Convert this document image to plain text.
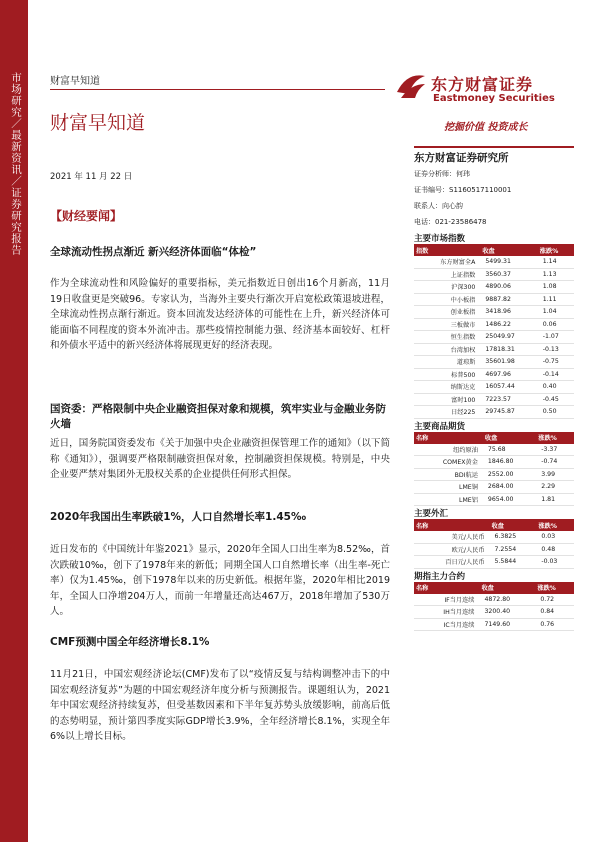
市场研究／最新资讯／证券研究报告	财富早知道
财富早知道
东方财富证券
Eastmoney Securities
挖掘价值 投资成长
2021 年 11 月 22 日
【财经要闻】
全球流动性拐点渐近 新兴经济体面临“体检”

作为全球流动性和风险偏好的重要指标，美元指数近日创出16个月新高，11月19日收盘更是突破96。专家认为，当海外主要央行渐次开启宽松政策退坡进程，全球流动性拐点渐行渐近。资本回流发达经济体的可能性在上升，新兴经济体可能面临不同程度的资本外流冲击。那些疫情控制能力强、经济基本面较好、杠杆和外债水平适中的新兴经济体将展现更好的经济表现。

国资委：严格限制中央企业融资担保对象和规模，筑牢实业与金融业务防火墙

近日，国务院国资委发布《关于加强中央企业融资担保管理工作的通知》（以下简称《通知》），强调要严格限制融资担保对象，控制融资担保规模。特别是，中央企业要严禁对集团外无股权关系的企业提供任何形式担保。

2020年我国出生率跌破1%，人口自然增长率1.45‰

近日发布的《中国统计年鉴2021》显示，2020年全国人口出生率为8.52‰，首次跌破10‰，创下了1978年来的新低；同期全国人口自然增长率（出生率-死亡率）仅为1.45‰，创下1978年以来的历史新低。根据年鉴，2020年相比2019年，全国人口净增204万人，而前一年增量还高达467万，2018年增加了530万人。

CMF预测中国全年经济增长8.1%

11月21日，中国宏观经济论坛(CMF)发布了以“疫情反复与结构调整冲击下的中国宏观经济复苏”为题的中国宏观经济年度分析与预测报告。课题组认为，2021年中国宏观经济持续复苏，但受基数因素和下半年复苏势头放缓影响，前高后低的态势明显，预计第四季度实际GDP增长3.9%，全年经济增长8.1%，实现全年6%以上增长目标。

东方财富证券研究所
证券分析师：何玮
证书编号：S1160517110001
联系人：向心韵
电话：021-23586478
主要市场指数
指数	收盘	涨跌%
东方财富全A	5499.31	1.14
上证指数	3560.37	1.13
沪深300	4890.06	1.08
中小板指	9887.82	1.11
创业板指	3418.96	1.04
三板做市	1486.22	0.06
恒生指数	25049.97	-1.07
台湾加权	17818.31	-0.13
道琼斯	35601.98	-0.75
标普500	4697.96	-0.14
纳斯达克	16057.44	0.40
富时100	7223.57	-0.45
日经225	29745.87	0.50
主要商品期货
名称	收盘	涨跌%
纽约原油	75.68	-3.37
COMEX黄金	1846.80	-0.74
BDI航运	2552.00	3.99
LME铜	2684.00	2.29
LME铝	9654.00	1.81
主要外汇
名称	收盘	涨跌%
美元/人民币	6.3825	0.03
欧元/人民币	7.2554	0.48
百日元/人民币	5.5844	-0.03
期指主力合约
名称	收盘	涨跌%
IF当月连续	4872.80	0.72
IH当月连续	3200.40	0.84
IC当月连续	7149.60	0.76
